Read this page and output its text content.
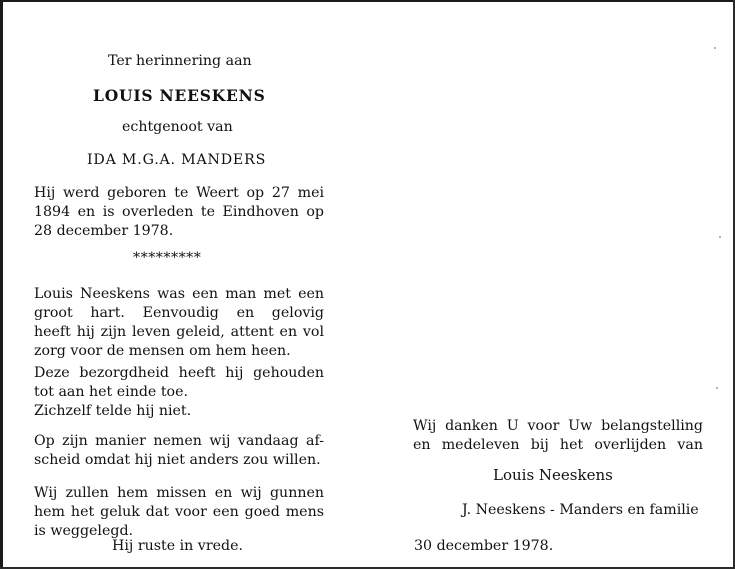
Ter herinnering aan
LOUIS NEESKENS
echtgenoot van
IDA M.G.A. MANDERS
Hij werd geboren te Weert op 27 mei
1894 en is overleden te Eindhoven op
28 december 1978.
*********
Louis Neeskens was een man met een
groot hart. Eenvoudig en gelovig
heeft hij zijn leven geleid, attent en vol
zorg voor de mensen om hem heen.
Deze bezorgdheid heeft hij gehouden
tot aan het einde toe.
Zichzelf telde hij niet.
Op zijn manier nemen wij vandaag af-
scheid omdat hij niet anders zou willen.
Wij zullen hem missen en wij gunnen
hem het geluk dat voor een goed mens
is weggelegd.
Hij ruste in vrede.
Wij danken U voor Uw belangstelling
en medeleven bij het overlijden van
Louis Neeskens
J. Neeskens - Manders en familie
30 december 1978.
